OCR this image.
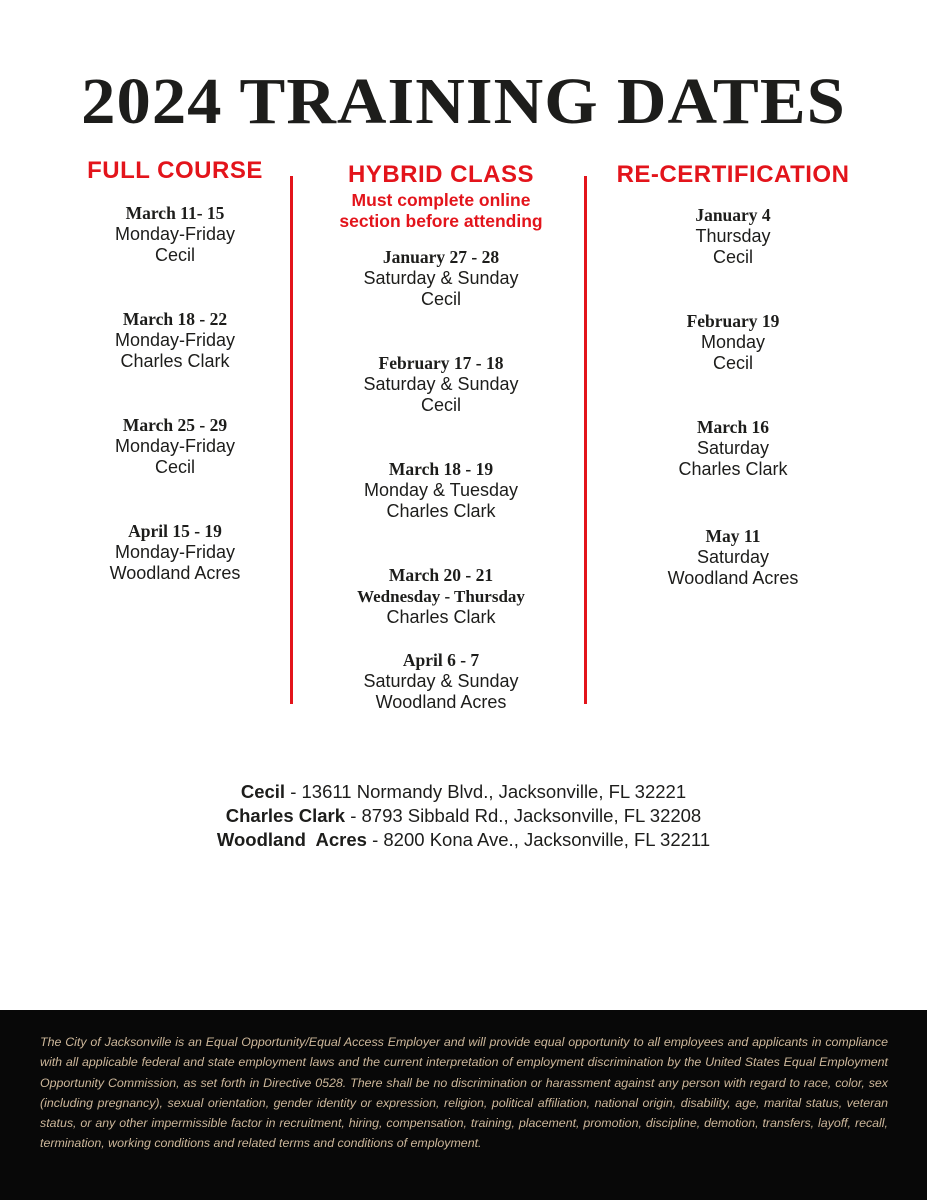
2024 TRAINING DATES
FULL COURSE
March 11- 15
Monday-Friday
Cecil
March 18 - 22
Monday-Friday
Charles Clark
March 25 - 29
Monday-Friday
Cecil
April 15 - 19
Monday-Friday
Woodland Acres
HYBRID CLASS
Must complete online
section before attending
January 27 - 28
Saturday & Sunday
Cecil
February 17 - 18
Saturday & Sunday
Cecil
March 18 - 19
Monday & Tuesday
Charles Clark
March 20 - 21
Wednesday - Thursday
Charles Clark
April 6 - 7
Saturday & Sunday
Woodland Acres
RE-CERTIFICATION
January 4
Thursday
Cecil
February 19
Monday
Cecil
March 16
Saturday
Charles Clark
May 11
Saturday
Woodland Acres
Cecil - 13611 Normandy Blvd., Jacksonville, FL 32221
Charles Clark - 8793 Sibbald Rd., Jacksonville, FL 32208
Woodland  Acres - 8200 Kona Ave., Jacksonville, FL 32211

The City of Jacksonville is an Equal Opportunity/Equal Access Employer and will provide equal opportunity to all employees and applicants in compliance with all applicable federal and state employment laws and the current interpretation of employment discrimination by the United States Equal Employment Opportunity Commission, as set forth in Directive 0528. There shall be no discrimination or harassment against any person with regard to race, color, sex (including pregnancy), sexual orientation, gender identity or expression, religion, political affiliation, national origin, disability, age, marital status, veteran status, or any other impermissible factor in recruitment, hiring, compensation, training, placement, promotion, discipline, demotion, transfers, layoff, recall, termination, working conditions and related terms and conditions of employment.
